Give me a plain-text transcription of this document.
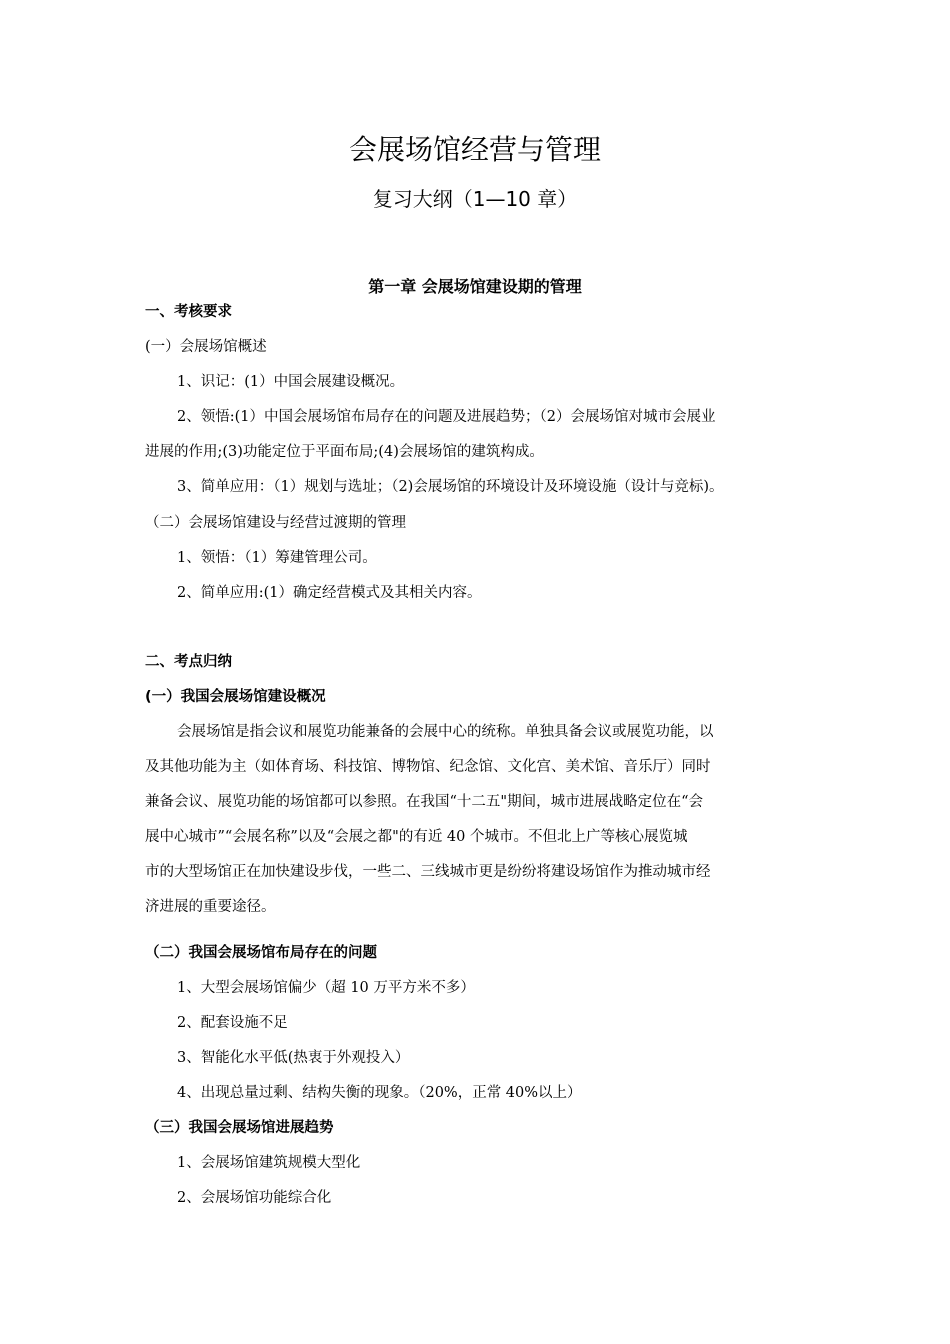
会展场馆经营与管理
复习大纲（1—10 章）
第一章 会展场馆建设期的管理
一、考核要求
(一）会展场馆概述
1、识记：(1）中国会展建设概况。
2、领悟:(1）中国会展场馆布局存在的问题及进展趋势；（2）会展场馆对城市会展业
进展的作用;(3)功能定位于平面布局;(4)会展场馆的建筑构成。
3、简单应用：（1）规划与选址；（2)会展场馆的环境设计及环境设施（设计与竞标)。
（二）会展场馆建设与经营过渡期的管理
1、领悟：（1）筹建管理公司。
2、简单应用:(1）确定经营模式及其相关内容。
二、考点归纳
(一）我国会展场馆建设概况
会展场馆是指会议和展览功能兼备的会展中心的统称。单独具备会议或展览功能，以
及其他功能为主（如体育场、科技馆、博物馆、纪念馆、文化宫、美术馆、音乐厅）同时
兼备会议、展览功能的场馆都可以参照。在我国“十二五"期间，城市进展战略定位在“会
展中心城市”“会展名称”以及“会展之都"的有近 40 个城市。不但北上广等核心展览城
市的大型场馆正在加快建设步伐，一些二、三线城市更是纷纷将建设场馆作为推动城市经
济进展的重要途径。
（二）我国会展场馆布局存在的问题
1、大型会展场馆偏少（超 10 万平方米不多）
2、配套设施不足
3、智能化水平低(热衷于外观投入）
4、出现总量过剩、结构失衡的现象。（20%，正常 40%以上）
（三）我国会展场馆进展趋势
1、会展场馆建筑规模大型化
2、会展场馆功能综合化
